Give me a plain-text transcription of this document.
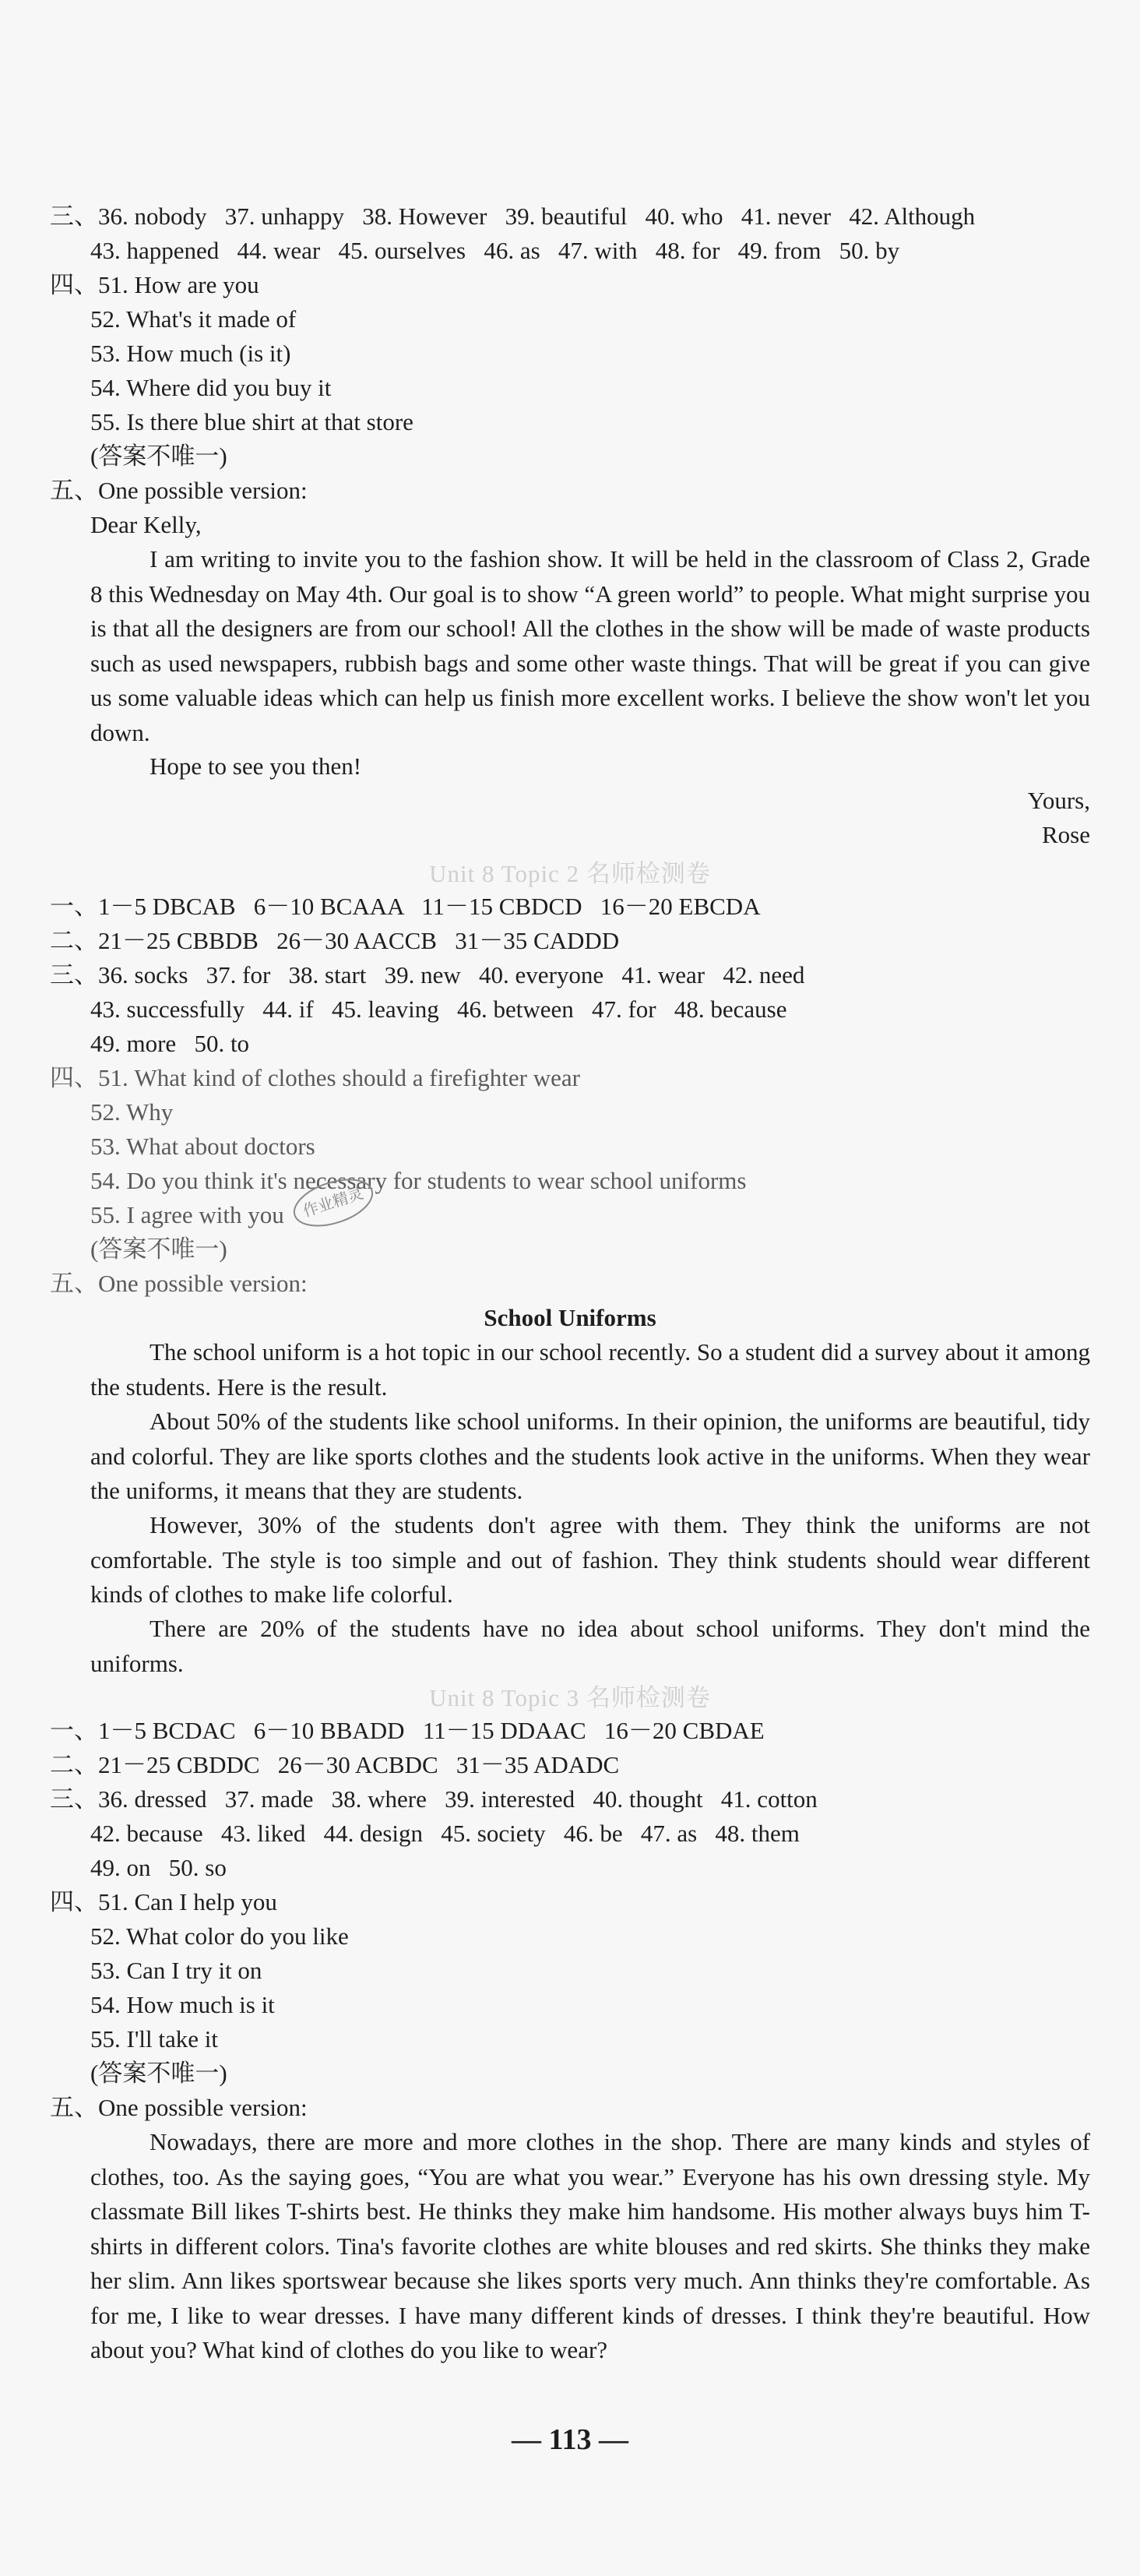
三、36. nobody   37. unhappy   38. However   39. beautiful   40. who   41. never   42. Although
43. happened   44. wear   45. ourselves   46. as   47. with   48. for   49. from   50. by
四、51. How are you
52. What's it made of
53. How much (is it)
54. Where did you buy it
55. Is there blue shirt at that store
(答案不唯一)
五、One possible version:
Dear Kelly,
I am writing to invite you to the fashion show. It will be held in the classroom of Class 2, Grade 8 this Wednesday on May 4th. Our goal is to show “A green world” to people. What might surprise you is that all the designers are from our school! All the clothes in the show will be made of waste products such as used newspapers, rubbish bags and some other waste things. That will be great if you can give us some valuable ideas which can help us finish more excellent works. I believe the show won't let you down.
Hope to see you then!
Yours,
Rose
Unit 8 Topic 2 名师检测卷
一、1－5 DBCAB   6－10 BCAAA   11－15 CBDCD   16－20 EBCDA
二、21－25 CBBDB   26－30 AACCB   31－35 CADDD
三、36. socks   37. for   38. start   39. new   40. everyone   41. wear   42. need
43. successfully   44. if   45. leaving   46. between   47. for   48. because
49. more   50. to
四、51. What kind of clothes should a firefighter wear
52. Why
53. What about doctors
54. Do you think it's necessary for students to wear school uniforms
55. I agree with you
(答案不唯一)
五、One possible version:
作业精灵
School Uniforms
The school uniform is a hot topic in our school recently. So a student did a survey about it among the students. Here is the result.
About 50% of the students like school uniforms. In their opinion, the uniforms are beautiful, tidy and colorful. They are like sports clothes and the students look active in the uniforms. When they wear the uniforms, it means that they are students.
However, 30% of the students don't agree with them. They think the uniforms are not comfortable. The style is too simple and out of fashion. They think students should wear different kinds of clothes to make life colorful.
There are 20% of the students have no idea about school uniforms. They don't mind the uniforms.
Unit 8 Topic 3 名师检测卷
一、1－5 BCDAC   6－10 BBADD   11－15 DDAAC   16－20 CBDAE
二、21－25 CBDDC   26－30 ACBDC   31－35 ADADC
三、36. dressed   37. made   38. where   39. interested   40. thought   41. cotton
42. because   43. liked   44. design   45. society   46. be   47. as   48. them
49. on   50. so
四、51. Can I help you
52. What color do you like
53. Can I try it on
54. How much is it
55. I'll take it
(答案不唯一)
五、One possible version:
Nowadays, there are more and more clothes in the shop. There are many kinds and styles of clothes, too. As the saying goes, “You are what you wear.” Everyone has his own dressing style. My classmate Bill likes T-shirts best. He thinks they make him handsome. His mother always buys him T-shirts in different colors. Tina's favorite clothes are white blouses and red skirts. She thinks they make her slim. Ann likes sportswear because she likes sports very much. Ann thinks they're comfortable. As for me, I like to wear dresses. I have many different kinds of dresses. I think they're beautiful. How about you? What kind of clothes do you like to wear?
— 113 —
